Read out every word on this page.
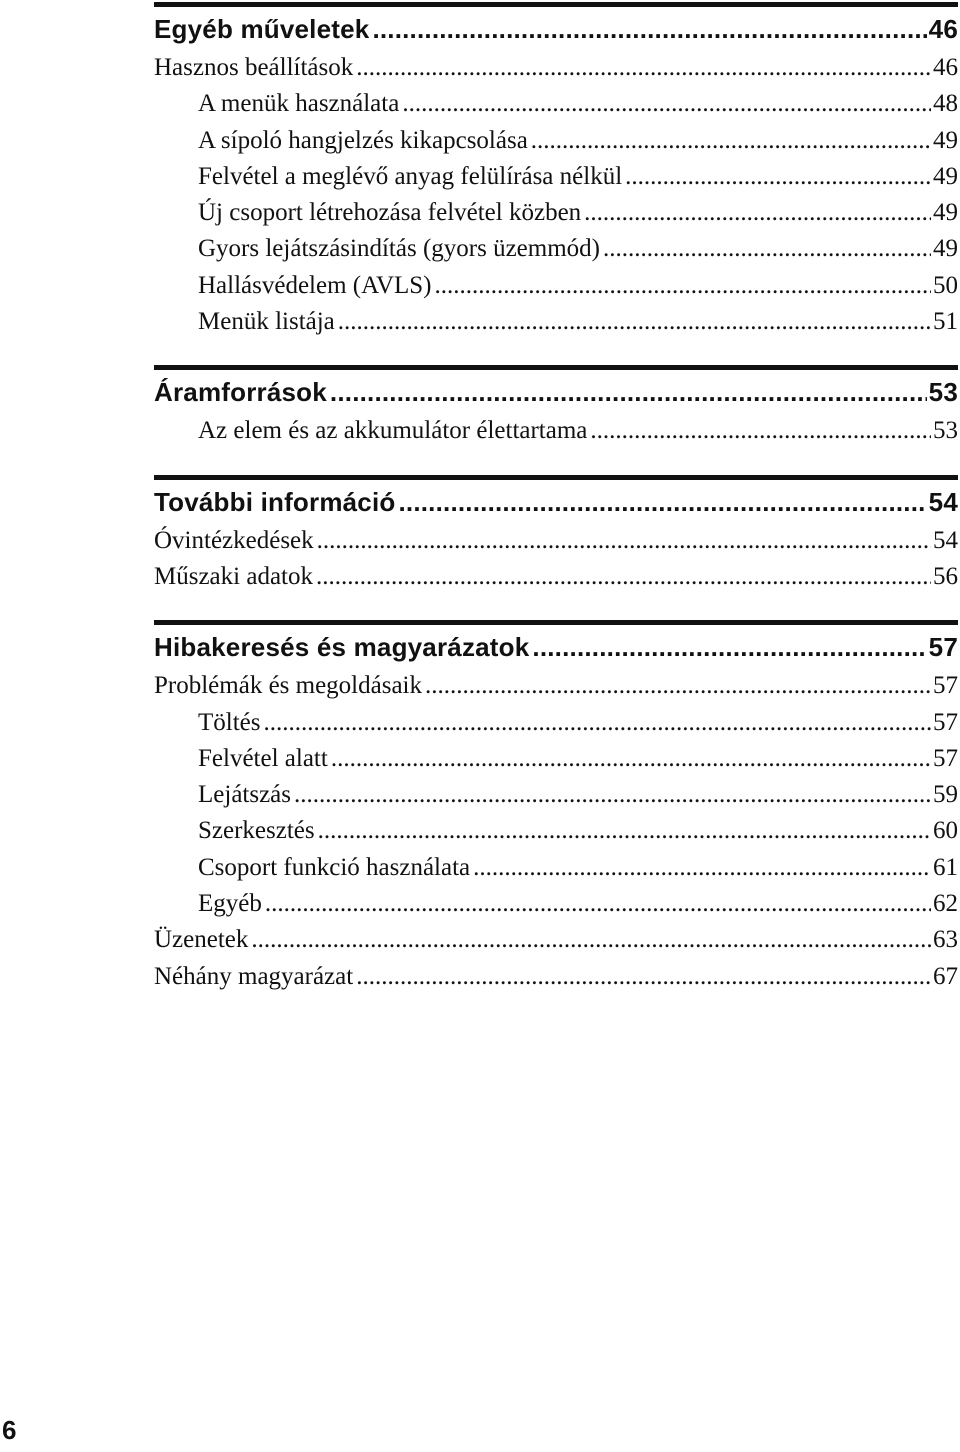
Egyéb műveletek .....	46
Hasznos beállítások .....	46
A menük használata .....	48
A sípoló hangjelzés kikapcsolása .....	49
Felvétel a meglévő anyag felülírása nélkül .....	49
Új csoport létrehozása felvétel közben .....	49
Gyors lejátszásindítás (gyors üzemmód) .....	49
Hallásvédelem (AVLS) .....	50
Menük listája .....	51
Áramforrások .....	53
Az elem és az akkumulátor élettartama .....	53
További információ .....	54
Óvintézkedések .....	54
Műszaki adatok .....	56
Hibakeresés és magyarázatok .....	57
Problémák és megoldásaik .....	57
Töltés .....	57
Felvétel alatt .....	57
Lejátszás .....	59
Szerkesztés .....	60
Csoport funkció használata .....	61
Egyéb .....	62
Üzenetek .....	63
Néhány magyarázat .....	67
6
